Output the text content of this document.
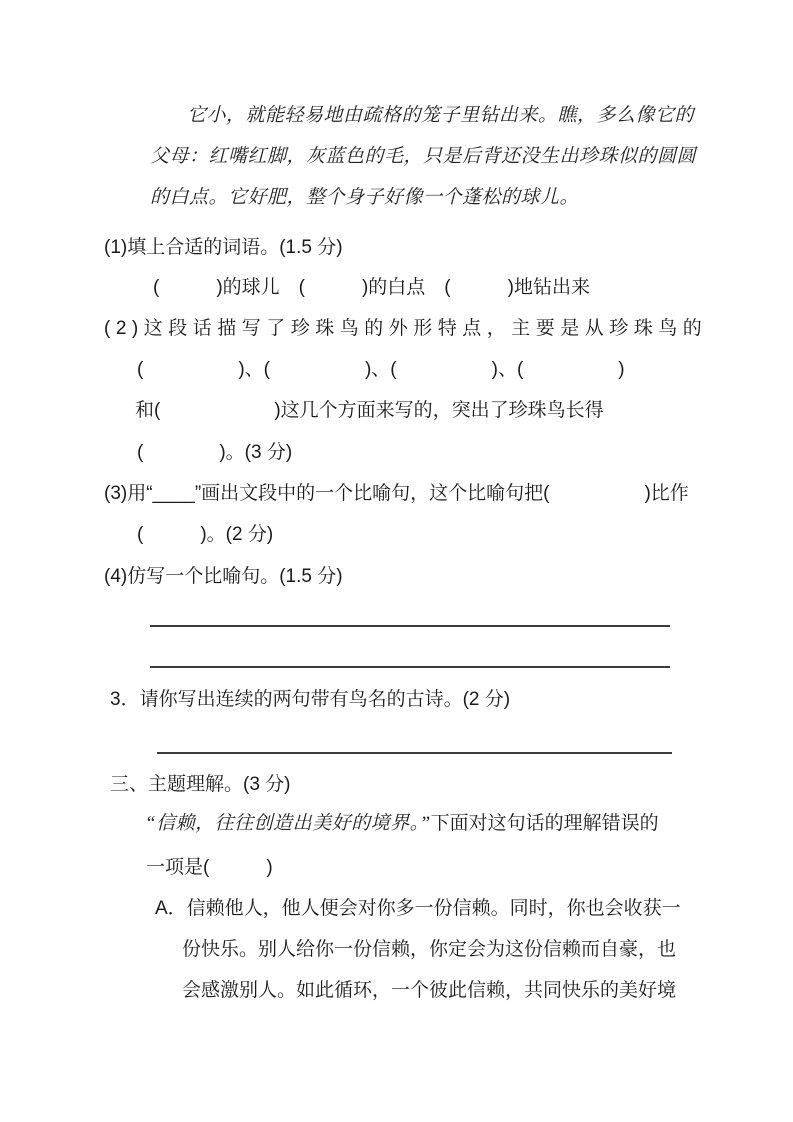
它小，就能轻易地由疏格的笼子里钻出来。瞧，多么像它的
父母：红嘴红脚，灰蓝色的毛，只是后背还没生出珍珠似的圆圆
的白点。它好肥，整个身子好像一个蓬松的球儿。
(1)填上合适的词语。(1.5 分)
(　　　)的球儿　(　　　)的白点　(　　　)地钻出来
(2)这段话描写了珍珠鸟的外形特点，主要是从珍珠鸟的
(　　　　　)、(　　　　　)、(　　　　　)、(　　　　　)
和(　　　　　　)这几个方面来写的，突出了珍珠鸟长得
(　　　　)。(3 分)
(3)用“____”画出文段中的一个比喻句，这个比喻句把(　　　　　)比作
(　　　)。(2 分)
(4)仿写一个比喻句。(1.5 分)
3．请你写出连续的两句带有鸟名的古诗。(2 分)
三、主题理解。(3 分)
“信赖，往往创造出美好的境界。”下面对这句话的理解错误的
一项是(　　　)
A．信赖他人，他人便会对你多一份信赖。同时，你也会收获一
份快乐。别人给你一份信赖，你定会为这份信赖而自豪，也
会感激别人。如此循环，一个彼此信赖，共同快乐的美好境
